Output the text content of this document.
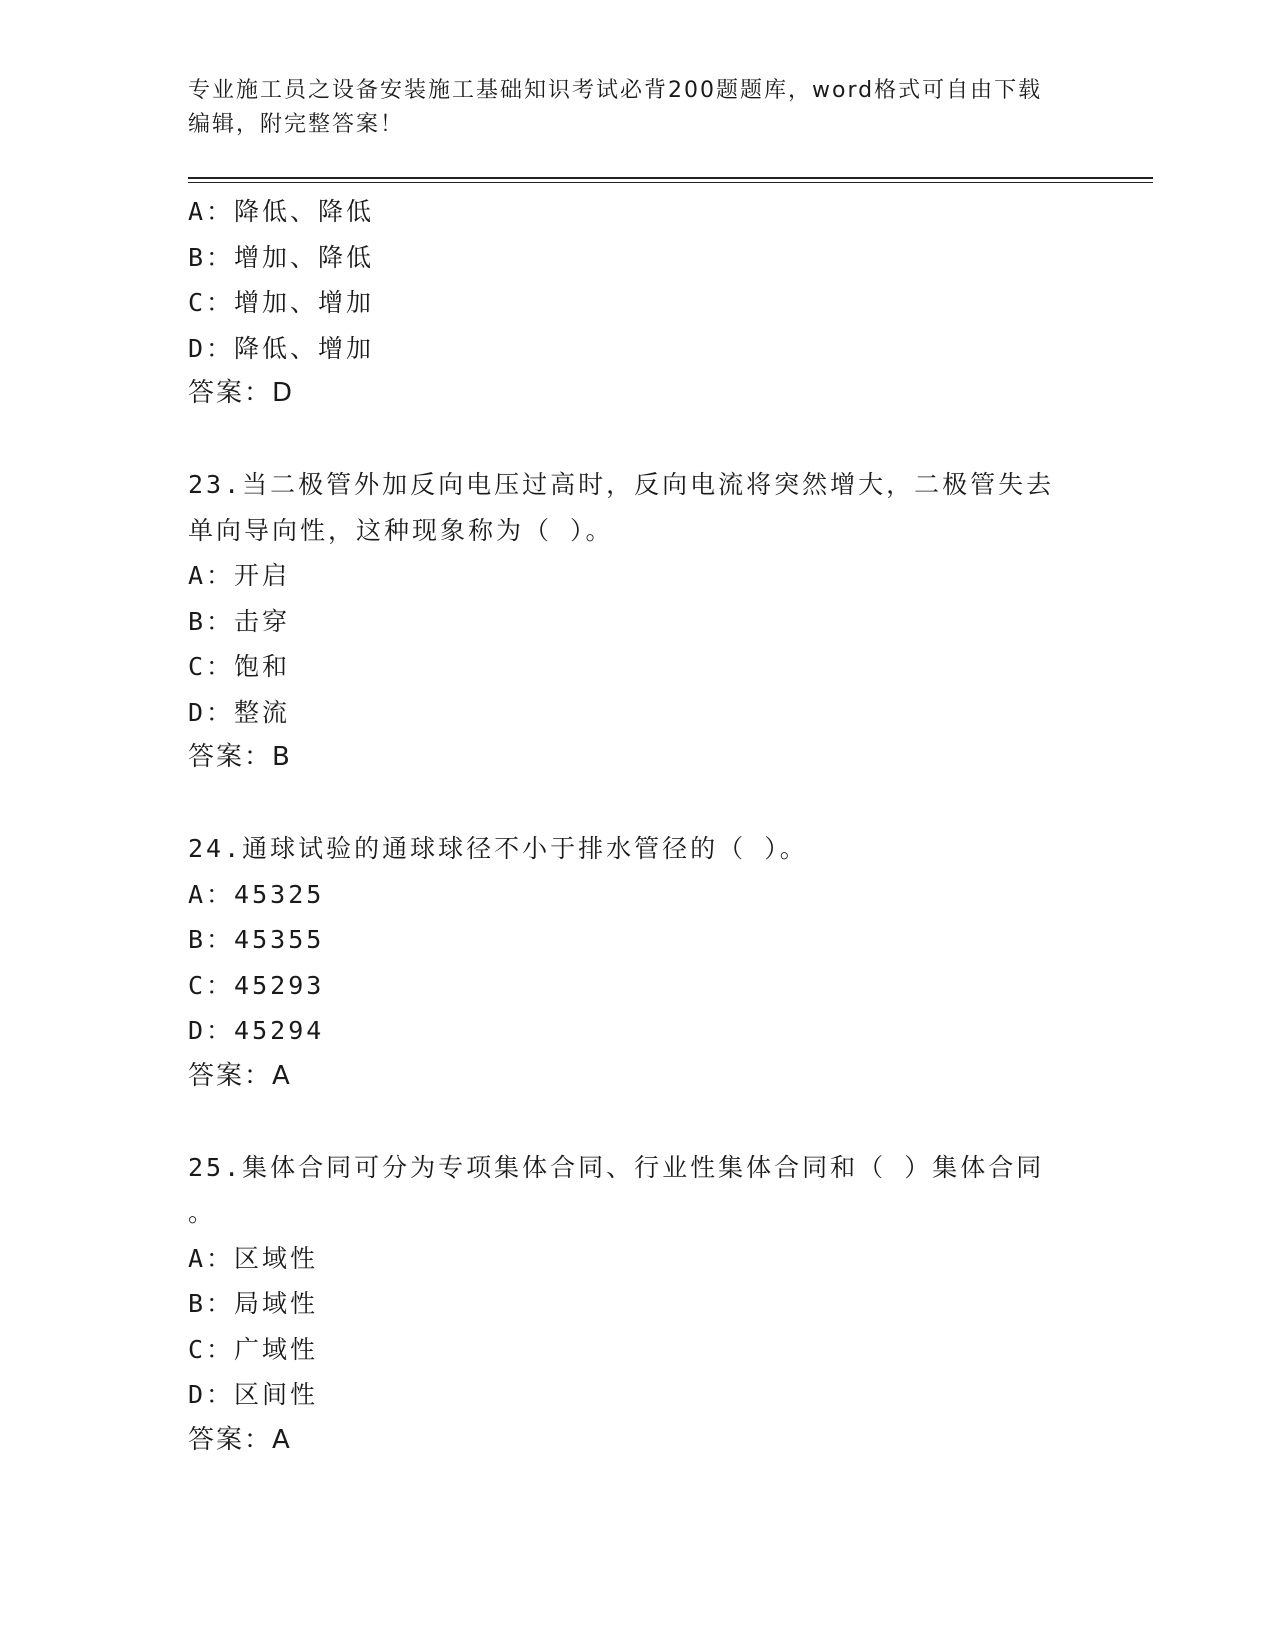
专业施工员之设备安装施工基础知识考试必背200题题库，word格式可自由下载
编辑，附完整答案！
A：降低、降低
B：增加、降低
C：增加、增加
D：降低、增加
答案：D
23.当二极管外加反向电压过高时，反向电流将突然增大，二极管失去
单向导向性，这种现象称为（ ）。
A：开启
B：击穿
C：饱和
D：整流
答案：B
24.通球试验的通球球径不小于排水管径的（ ）。
A：45325
B：45355
C：45293
D：45294
答案：A
25.集体合同可分为专项集体合同、行业性集体合同和（ ）集体合同
。
A：区域性
B：局域性
C：广域性
D：区间性
答案：A
